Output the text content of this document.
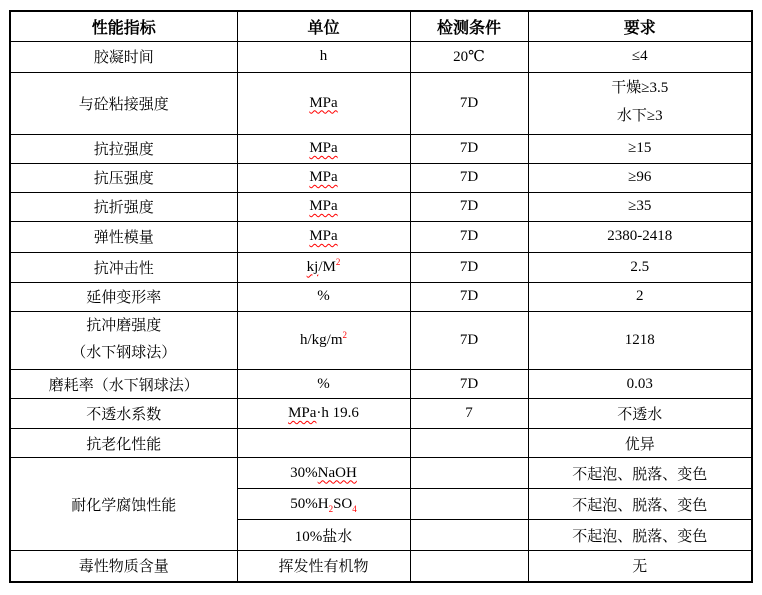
性能指标	单位	检测条件	要求
胶凝时间	h	20℃	≤4
与砼粘接强度	MPa	7D	干燥≥3.5
水下≥3
抗拉强度	MPa	7D	≥15
抗压强度	MPa	7D	≥96
抗折强度	MPa	7D	≥35
弹性模量	MPa	7D	2380-2418
抗冲击性	$kj/M^2$	7D	2.5
延伸变形率	%	7D	2
抗冲磨强度
（水下钢球法）	$h/kg/m^2$	7D	1218
磨耗率（水下钢球法）	%	7D	0.03
不透水系数	MPa·h 19.6	7	不透水
抗老化性能			优异
耐化学腐蚀性能	30%NaOH		不起泡、脱落、变色
	$50\%H_2SO_4$		不起泡、脱落、变色
	10%盐水		不起泡、脱落、变色
毒性物质含量	挥发性有机物		无
